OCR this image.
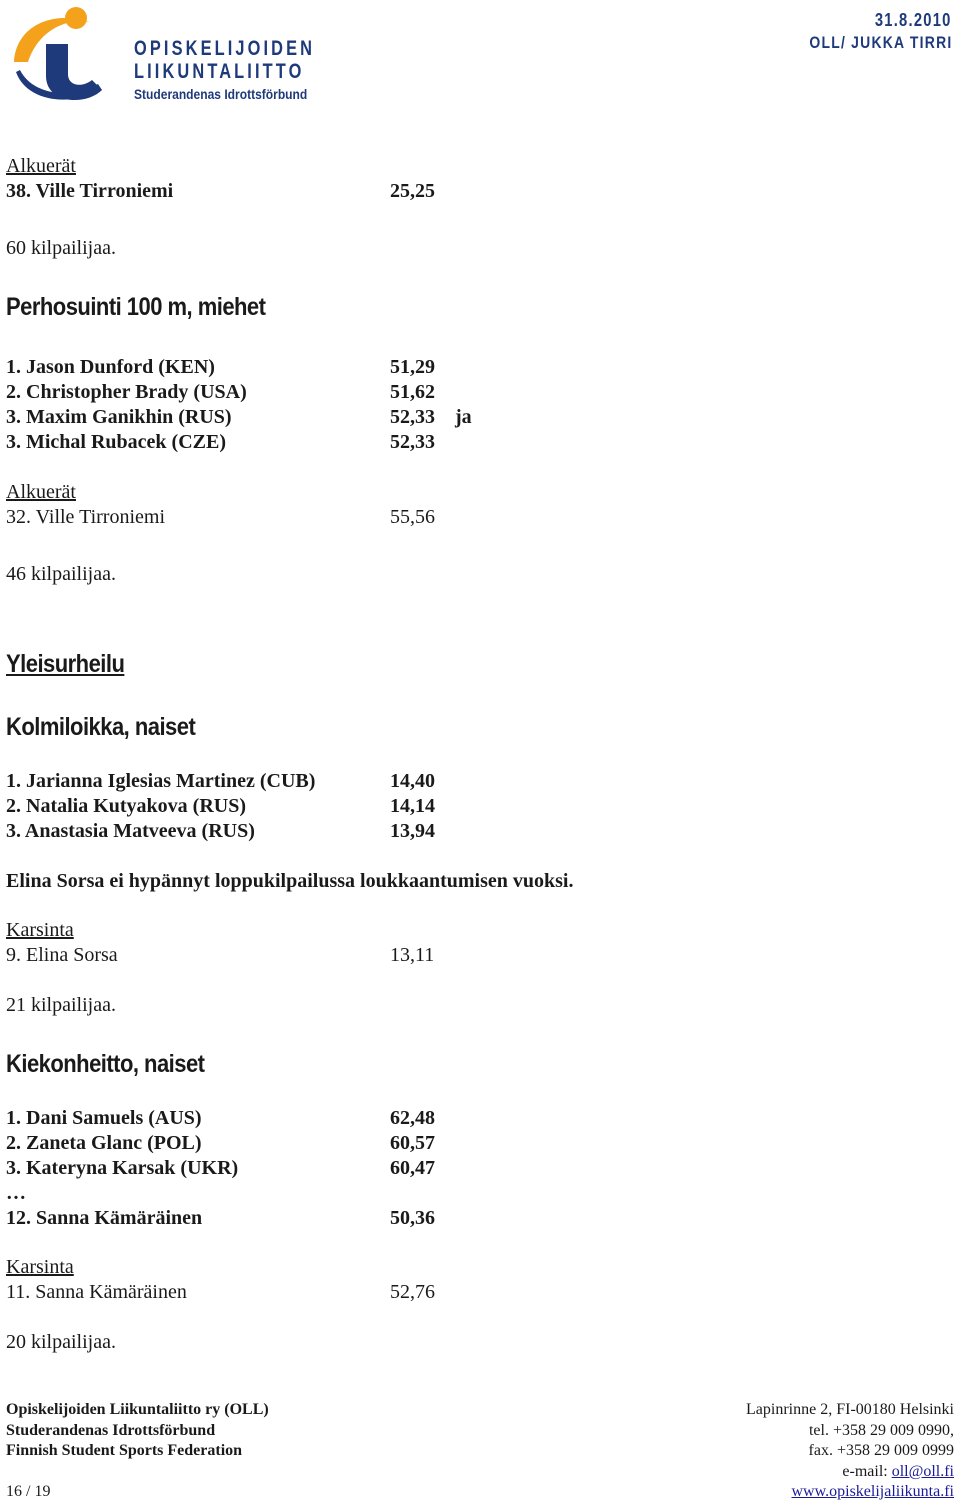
OPISKELIJOIDEN
LIIKUNTALIITTO
Studerandenas Idrottsförbund
31.8.2010
OLL/ JUKKA TIRRI
Alkuerät
38. Ville Tirroniemi	25,25
60 kilpailijaa.
Perhosuinti 100 m, miehet
1. Jason Dunford (KEN)	51,29
2. Christopher Brady (USA)	51,62
3. Maxim Ganikhin (RUS)	52,33 ja
3. Michal Rubacek (CZE)	52,33
Alkuerät
32. Ville Tirroniemi	55,56
46 kilpailijaa.
Yleisurheilu
Kolmiloikka, naiset
1. Jarianna Iglesias Martinez (CUB)	14,40
2. Natalia Kutyakova (RUS)	14,14
3. Anastasia Matveeva (RUS)	13,94
Elina Sorsa ei hypännyt loppukilpailussa loukkaantumisen vuoksi.
Karsinta
9. Elina Sorsa	13,11
21 kilpailijaa.
Kiekonheitto, naiset
1. Dani Samuels (AUS)	62,48
2. Zaneta Glanc (POL)	60,57
3. Kateryna Karsak (UKR)	60,47
…
12. Sanna Kämäräinen	50,36
Karsinta
11. Sanna Kämäräinen	52,76
20 kilpailijaa.
Opiskelijoiden Liikuntaliitto ry (OLL)
Studerandenas Idrottsförbund
Finnish Student Sports Federation
16 / 19
Lapinrinne 2, FI-00180 Helsinki
tel. +358 29 009 0990,
fax. +358 29 009 0999
e-mail: oll@oll.fi
www.opiskelijaliikunta.fi
